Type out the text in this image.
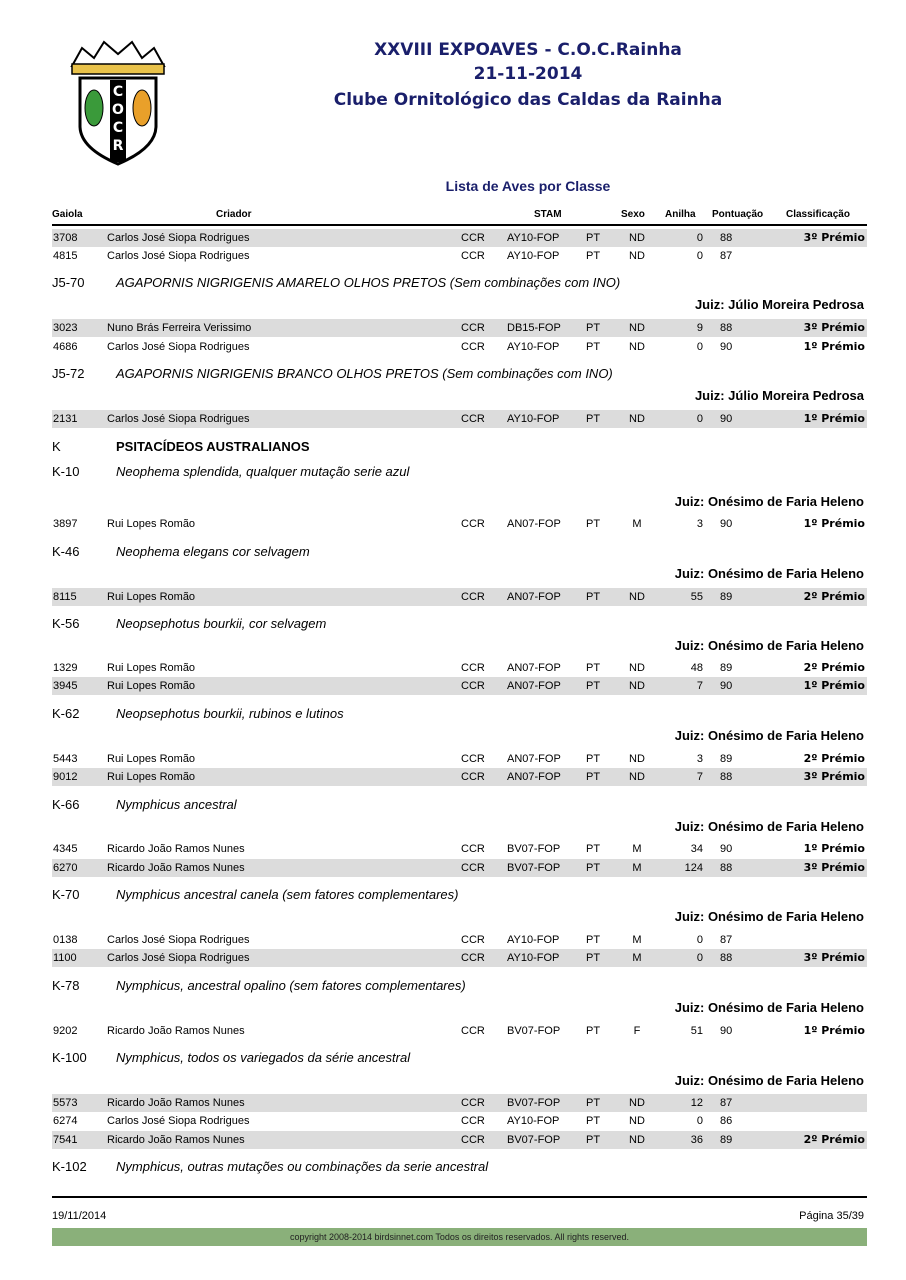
C
O
C
R
XXVIII EXPOAVES - C.O.C.Rainha
21-11-2014
Clube Ornitológico das Caldas da Rainha
Lista de Aves por Classe
Gaiola	Criador	STAM	Sexo Anilha Pontuação Classificação
3708	Carlos José Siopa Rodrigues	CCR AY10-FOP PT	ND	0 88	3º Prémio
4815	Carlos José Siopa Rodrigues	CCR AY10-FOP PT	ND	0 87
3023	Nuno Brás Ferreira Verissimo	CCR DB15-FOP PT	ND	9 88	3º Prémio
4686	Carlos José Siopa Rodrigues	CCR AY10-FOP PT	ND	0 90	1º Prémio
2131	Carlos José Siopa Rodrigues	CCR AY10-FOP PT	ND	0 90	1º Prémio
3897	Rui Lopes Romão	CCR AN07-FOP PT	M	3 90	1º Prémio
8115	Rui Lopes Romão	CCR AN07-FOP PT	ND	55 89	2º Prémio
1329	Rui Lopes Romão	CCR AN07-FOP PT	ND	48 89	2º Prémio
3945	Rui Lopes Romão	CCR AN07-FOP PT	ND	7 90	1º Prémio
5443	Rui Lopes Romão	CCR AN07-FOP PT	ND	3 89	2º Prémio
9012	Rui Lopes Romão	CCR AN07-FOP PT	ND	7 88	3º Prémio
4345	Ricardo João Ramos Nunes	CCR BV07-FOP PT	M	34 90	1º Prémio
6270	Ricardo João Ramos Nunes	CCR BV07-FOP PT	M	124 88	3º Prémio
0138	Carlos José Siopa Rodrigues	CCR AY10-FOP PT	M	0 87
1100	Carlos José Siopa Rodrigues	CCR AY10-FOP PT	M	0 88	3º Prémio
9202	Ricardo João Ramos Nunes	CCR BV07-FOP PT	F	51 90	1º Prémio
5573	Ricardo João Ramos Nunes	CCR BV07-FOP PT	ND	12 87
6274	Carlos José Siopa Rodrigues	CCR AY10-FOP PT	ND	0 86
7541	Ricardo João Ramos Nunes	CCR BV07-FOP PT	ND	36 89	2º Prémio
J5-70 AGAPORNIS NIGRIGENIS AMARELO OLHOS PRETOS (Sem combinações com INO)
Juiz: Júlio Moreira Pedrosa
J5-72 AGAPORNIS NIGRIGENIS BRANCO OLHOS PRETOS (Sem combinações com INO)
Juiz: Júlio Moreira Pedrosa
K	PSITACÍDEOS AUSTRALIANOS
K-10	Neophema splendida, qualquer mutação serie azul
Juiz: Onésimo de Faria Heleno
K-46	Neophema elegans cor selvagem
Juiz: Onésimo de Faria Heleno
K-56	Neopsephotus bourkii, cor selvagem
Juiz: Onésimo de Faria Heleno
K-62	Neopsephotus bourkii, rubinos e lutinos
Juiz: Onésimo de Faria Heleno
K-66	Nymphicus ancestral
Juiz: Onésimo de Faria Heleno
K-70	Nymphicus ancestral canela (sem fatores complementares)
Juiz: Onésimo de Faria Heleno
K-78	Nymphicus, ancestral opalino (sem fatores complementares)
Juiz: Onésimo de Faria Heleno
K-100 Nymphicus, todos os variegados da série ancestral
Juiz: Onésimo de Faria Heleno
K-102 Nymphicus, outras mutações ou combinações da serie ancestral
19/11/2014	Página 35/39
copyright 2008-2014 birdsinnet.com Todos os direitos reservados. All rights reserved.
